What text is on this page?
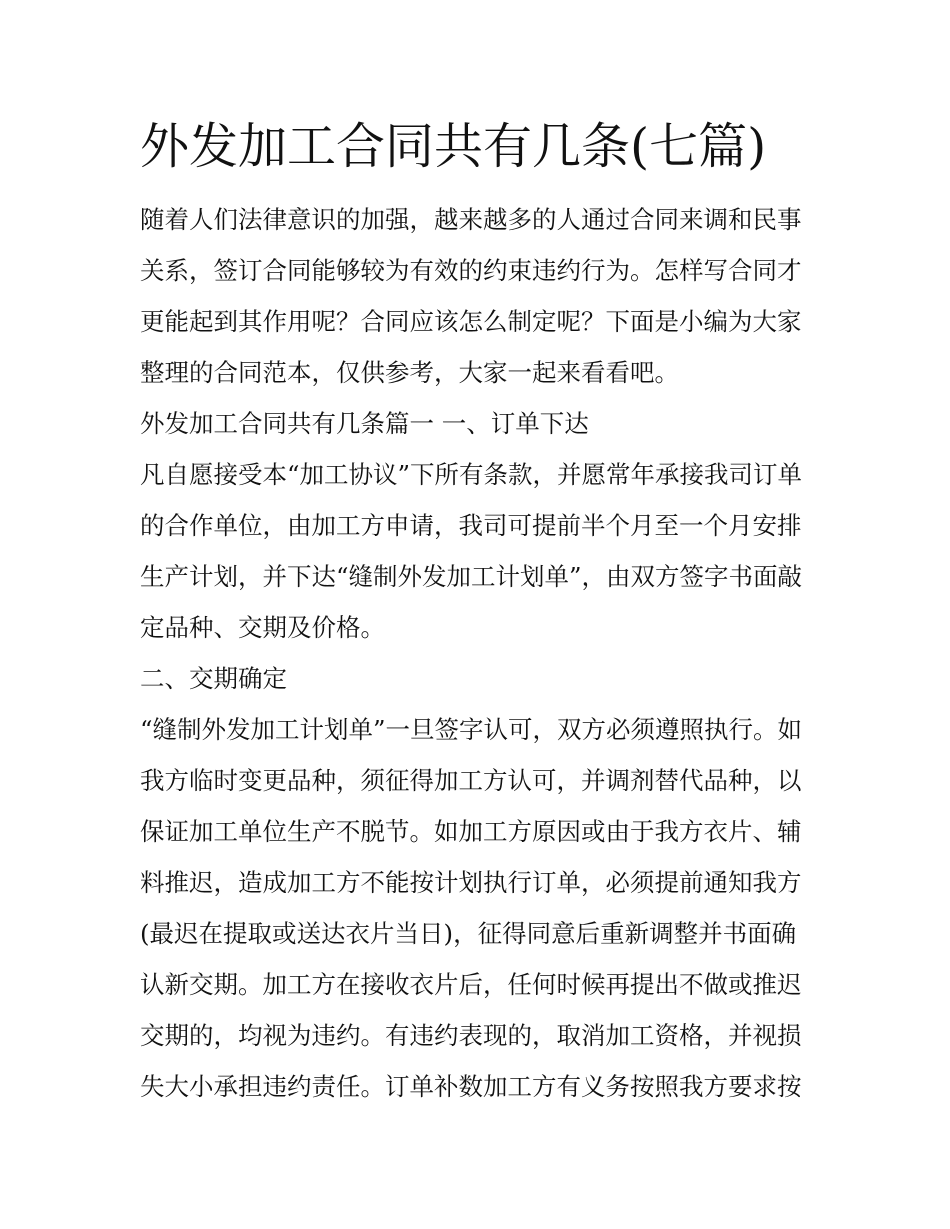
外发加工合同共有几条(七篇)
随着人们法律意识的加强，越来越多的人通过合同来调和民事
关系，签订合同能够较为有效的约束违约行为。怎样写合同才
更能起到其作用呢？合同应该怎么制定呢？下面是小编为大家
整理的合同范本，仅供参考，大家一起来看看吧。
外发加工合同共有几条篇一 一、订单下达
凡自愿接受本“加工协议”下所有条款，并愿常年承接我司订单
的合作单位，由加工方申请，我司可提前半个月至一个月安排
生产计划，并下达“缝制外发加工计划单”，由双方签字书面敲
定品种、交期及价格。
二、交期确定
“缝制外发加工计划单”一旦签字认可，双方必须遵照执行。如
我方临时变更品种，须征得加工方认可，并调剂替代品种，以
保证加工单位生产不脱节。如加工方原因或由于我方衣片、辅
料推迟，造成加工方不能按计划执行订单，必须提前通知我方
(最迟在提取或送达衣片当日)，征得同意后重新调整并书面确
认新交期。加工方在接收衣片后，任何时候再提出不做或推迟
交期的，均视为违约。有违约表现的，取消加工资格，并视损
失大小承担违约责任。订单补数加工方有义务按照我方要求按
